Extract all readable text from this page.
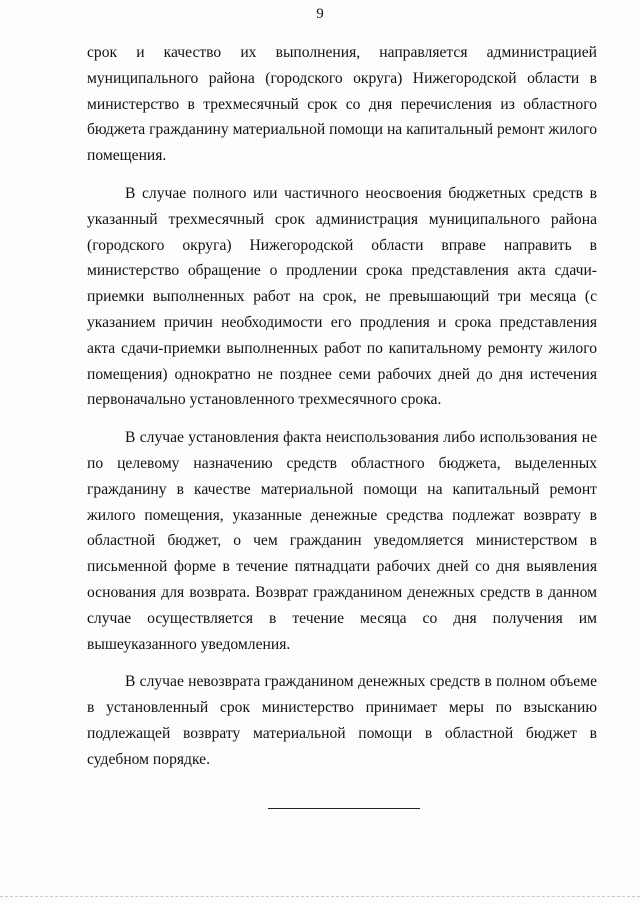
9

срок и качество их выполнения, направляется администрацией муниципального района (городского округа) Нижегородской области в министерство в трехмесячный срок со дня перечисления из областного бюджета гражданину материальной помощи на капитальный ремонт жилого помещения.

В случае полного или частичного неосвоения бюджетных средств в указанный трехмесячный срок администрация муниципального района (городского округа) Нижегородской области вправе направить в министерство обращение о продлении срока представления акта сдачи-приемки выполненных работ на срок, не превышающий три месяца (с указанием причин необходимости его продления и срока представления акта сдачи-приемки выполненных работ по капитальному ремонту жилого помещения) однократно не позднее семи рабочих дней до дня истечения первоначально установленного трехмесячного срока.

В случае установления факта неиспользования либо использования не по целевому назначению средств областного бюджета, выделенных гражданину в качестве материальной помощи на капитальный ремонт жилого помещения, указанные денежные средства подлежат возврату в областной бюджет, о чем гражданин уведомляется министерством в письменной форме в течение пятнадцати рабочих дней со дня выявления основания для возврата. Возврат гражданином денежных средств в данном случае осуществляется в течение месяца со дня получения им вышеуказанного уведомления.

В случае невозврата гражданином денежных средств в полном объеме в установленный срок министерство принимает меры по взысканию подлежащей возврату материальной помощи в областной бюджет в судебном порядке.
